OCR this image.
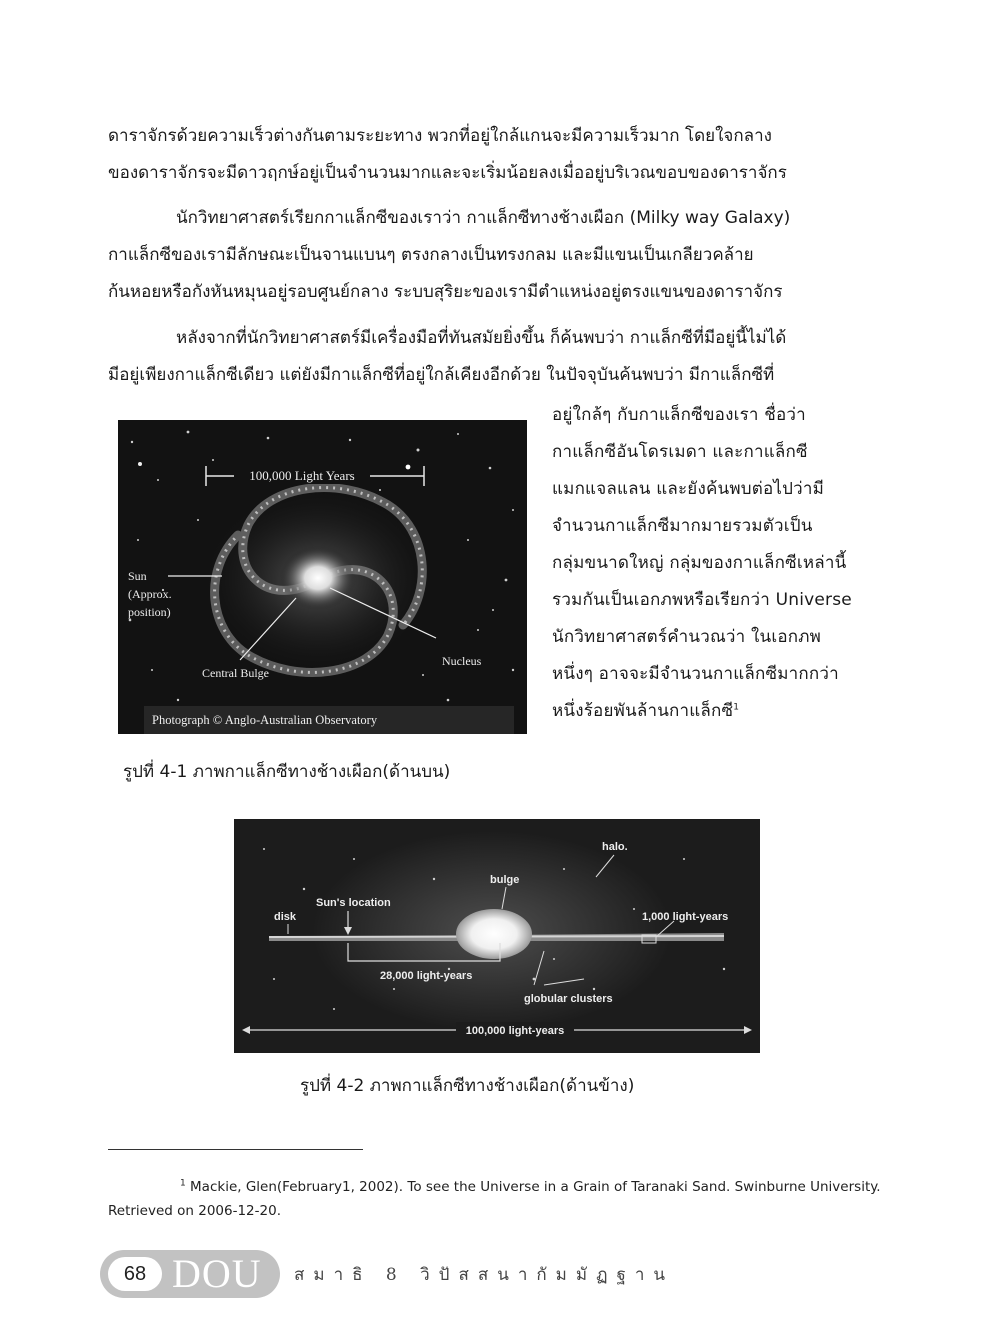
ดาราจักรด้วยความเร็วต่างกันตามระยะทาง พวกที่อยู่ใกล้แกนจะมีความเร็วมาก โดยใจกลาง
ของดาราจักรจะมีดาวฤกษ์อยู่เป็นจำนวนมากและจะเริ่มน้อยลงเมื่ออยู่บริเวณขอบของดาราจักร
นักวิทยาศาสตร์เรียกกาแล็กซีของเราว่า กาแล็กซีทางช้างเผือก (Milky way Galaxy)
กาแล็กซีของเรามีลักษณะเป็นจานแบนๆ ตรงกลางเป็นทรงกลม และมีแขนเป็นเกลียวคล้าย
ก้นหอยหรือกังหันหมุนอยู่รอบศูนย์กลาง ระบบสุริยะของเรามีตำแหน่งอยู่ตรงแขนของดาราจักร
หลังจากที่นักวิทยาศาสตร์มีเครื่องมือที่ทันสมัยยิ่งขึ้น ก็ค้นพบว่า กาแล็กซีที่มีอยู่นี้ไม่ได้
มีอยู่เพียงกาแล็กซีเดียว แต่ยังมีกาแล็กซีที่อยู่ใกล้เคียงอีกด้วย ในปัจจุบันค้นพบว่า มีกาแล็กซีที่
อยู่ใกล้ๆ กับกาแล็กซีของเรา ชื่อว่า
กาแล็กซีอันโดรเมดา และกาแล็กซี
แมกแจลแลน และยังค้นพบต่อไปว่ามี
จำนวนกาแล็กซีมากมายรวมตัวเป็น
กลุ่มขนาดใหญ่ กลุ่มของกาแล็กซีเหล่านี้
รวมกันเป็นเอกภพหรือเรียกว่า Universe
นักวิทยาศาสตร์คำนวณว่า ในเอกภพ
หนึ่งๆ อาจจะมีจำนวนกาแล็กซีมากกว่า
หนึ่งร้อยพันล้านกาแล็กซี$^1$
100,000 Light Years
Sun
(Approx.
position)
Central Bulge
Nucleus
Photograph © Anglo-Australian Observatory

รูปที่ 4-1 ภาพกาแล็กซีทางช้างเผือก(ด้านบน)

halo.
bulge
disk
Sun's location
1,000 light-years
28,000 light-years
globular clusters
100,000 light-years

รูปที่ 4-2 ภาพกาแล็กซีทางช้างเผือก(ด้านข้าง)

$^1$ Mackie, Glen(February1, 2002). To see the Universe in a Grain of Taranaki Sand. Swinburne University.
Retrieved on 2006-12-20.
68 DOU สมาธิ 8 วิปัสสนากัมมัฏฐาน
